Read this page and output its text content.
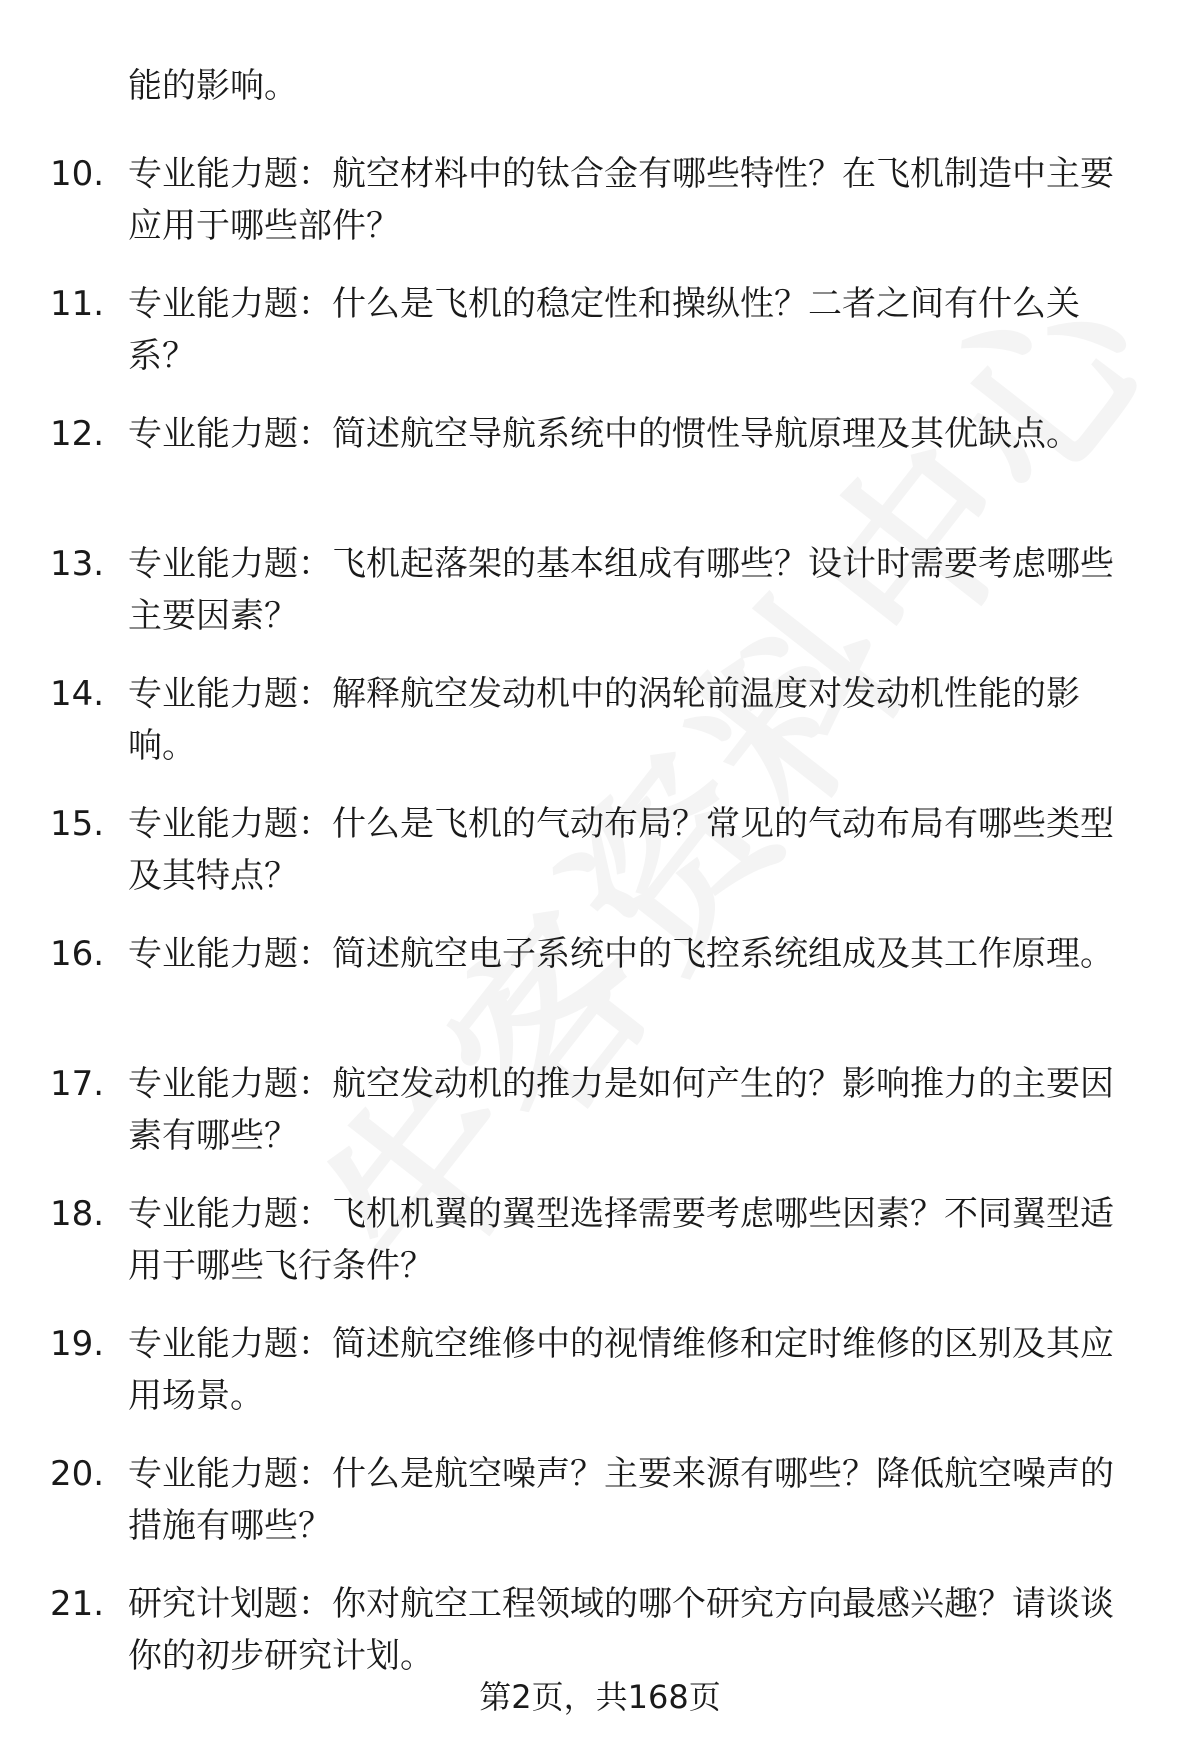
能的影响。

10. 专业能力题：航空材料中的钛合金有哪些特性？在飞机制造中主要应用于哪些部件？
11. 专业能力题：什么是飞机的稳定性和操纵性？二者之间有什么关系？
12. 专业能力题：简述航空导航系统中的惯性导航原理及其优缺点。
13. 专业能力题：飞机起落架的基本组成有哪些？设计时需要考虑哪些主要因素？
14. 专业能力题：解释航空发动机中的涡轮前温度对发动机性能的影响。
15. 专业能力题：什么是飞机的气动布局？常见的气动布局有哪些类型及其特点？
16. 专业能力题：简述航空电子系统中的飞控系统组成及其工作原理。
17. 专业能力题：航空发动机的推力是如何产生的？影响推力的主要因素有哪些？
18. 专业能力题：飞机机翼的翼型选择需要考虑哪些因素？不同翼型适用于哪些飞行条件？
19. 专业能力题：简述航空维修中的视情维修和定时维修的区别及其应用场景。
20. 专业能力题：什么是航空噪声？主要来源有哪些？降低航空噪声的措施有哪些？
21. 研究计划题：你对航空工程领域的哪个研究方向最感兴趣？请谈谈你的初步研究计划。
第2页，共168页
